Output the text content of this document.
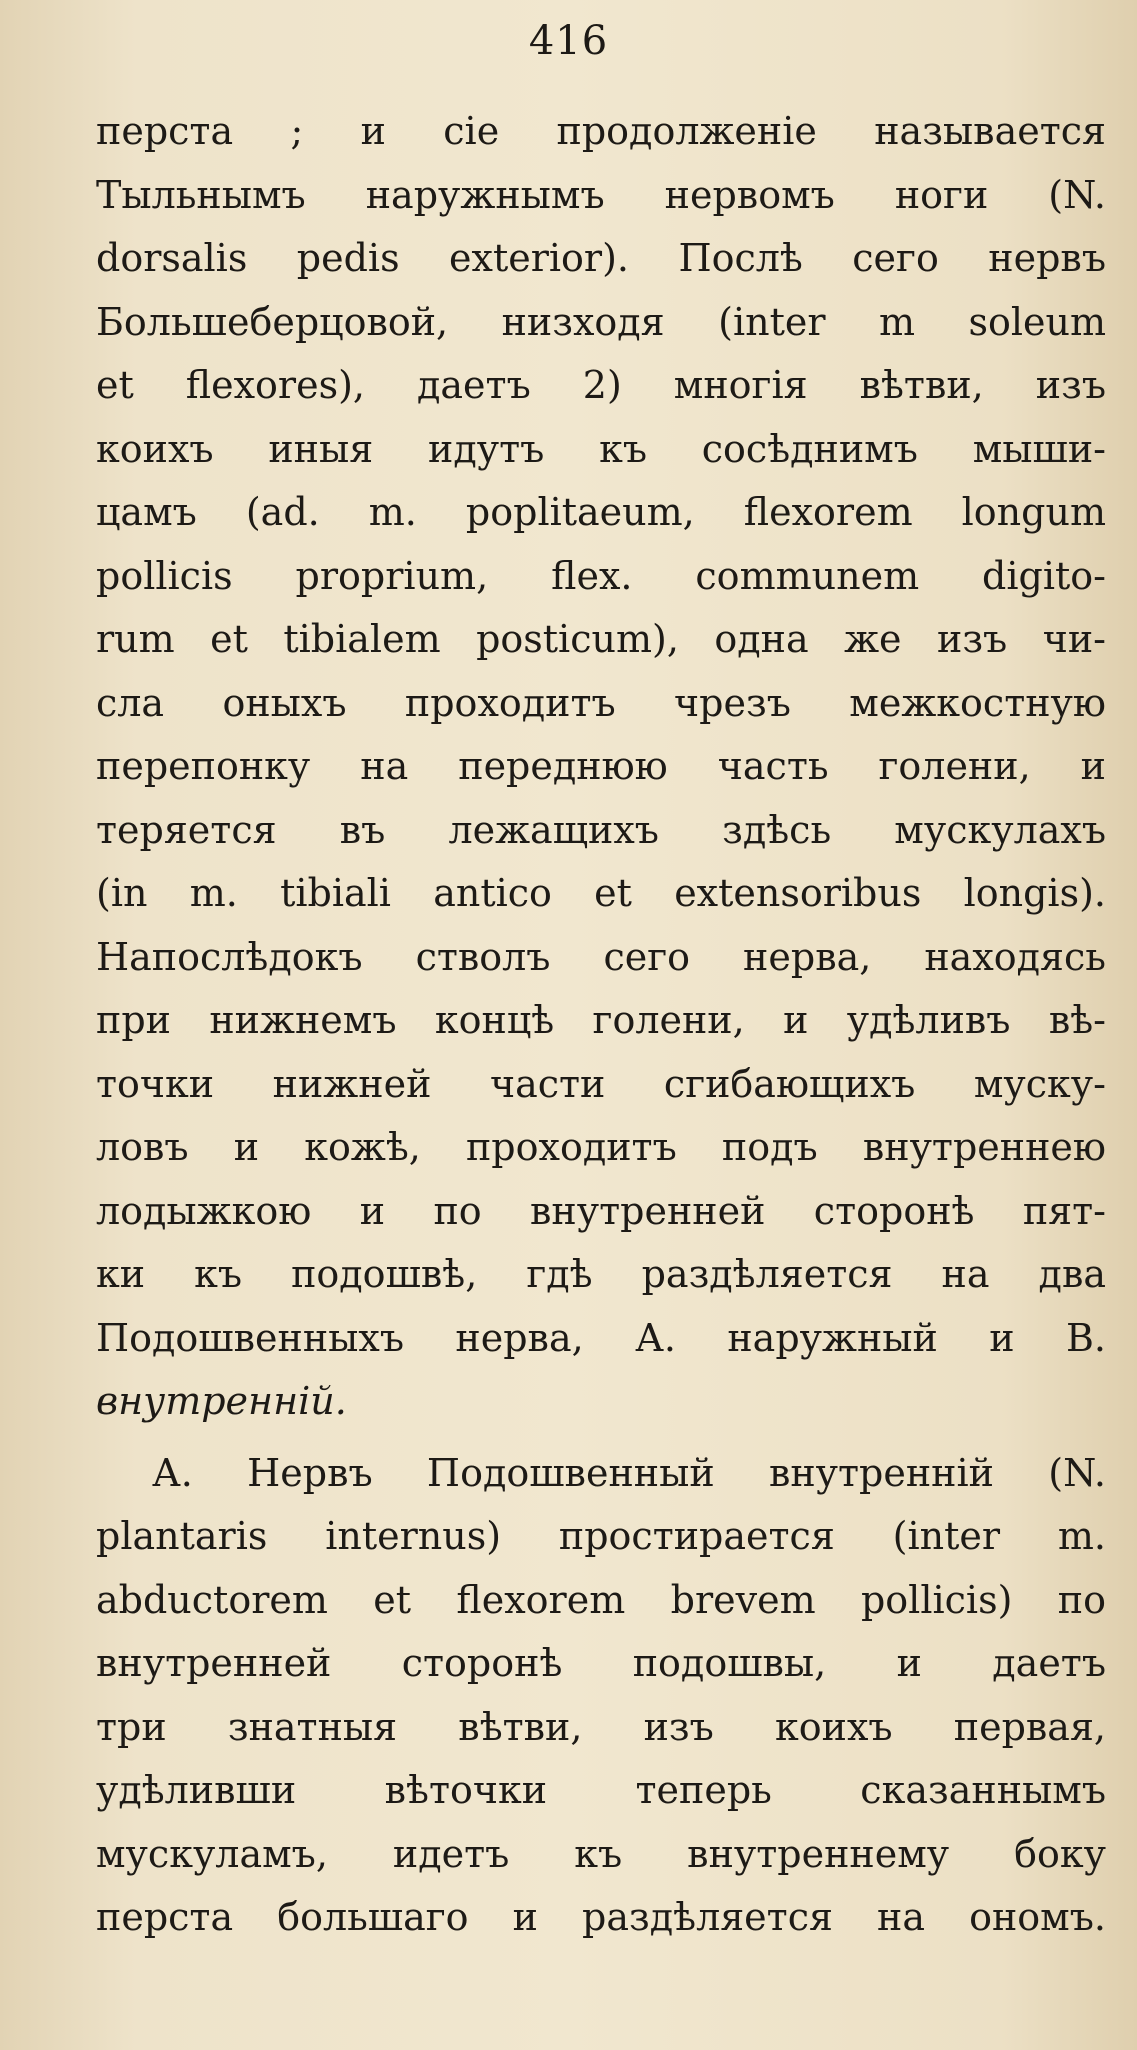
416
перста ; и сіе продолженіе называется
Тыльнымъ наружнымъ нервомъ ноги (N.
dorsalis pedis exterior). Послѣ сего нервъ
Большеберцовой, низходя (inter m soleum
et flexores), даетъ 2) многія вѣтви, изъ
коихъ иныя идутъ къ сосѣднимъ мыши-
цамъ (ad. m. poplitaeum, flexorem longum
pollicis proprium, flex. communem digito-
rum et tibialem posticum), одна же изъ чи-
сла оныхъ проходитъ чрезъ межкостную
перепонку на переднюю часть голени, и
теряется въ лежащихъ здѣсь мускулахъ
(in m. tibiali antico et extensoribus longis).
Напослѣдокъ стволъ сего нерва, находясь
при нижнемъ концѣ голени, и удѣливъ вѣ-
точки нижней части сгибающихъ муску-
ловъ и кожѣ, проходитъ подъ внутреннею
лодыжкою и по внутренней сторонѣ пят-
ки къ подошвѣ, гдѣ раздѣляется на два
Подошвенныхъ нерва, А. наружный и В.
внутренній.
А. Нервъ Подошвенный внутренній (N.
plantaris internus) простирается (inter m.
abductorem et flexorem brevem pollicis) по
внутренней сторонѣ подошвы, и даетъ
три знатныя вѣтви, изъ коихъ первая,
удѣливши вѣточки теперь сказаннымъ
мускуламъ, идетъ къ внутреннему боку
перста большаго и раздѣляется на ономъ.
